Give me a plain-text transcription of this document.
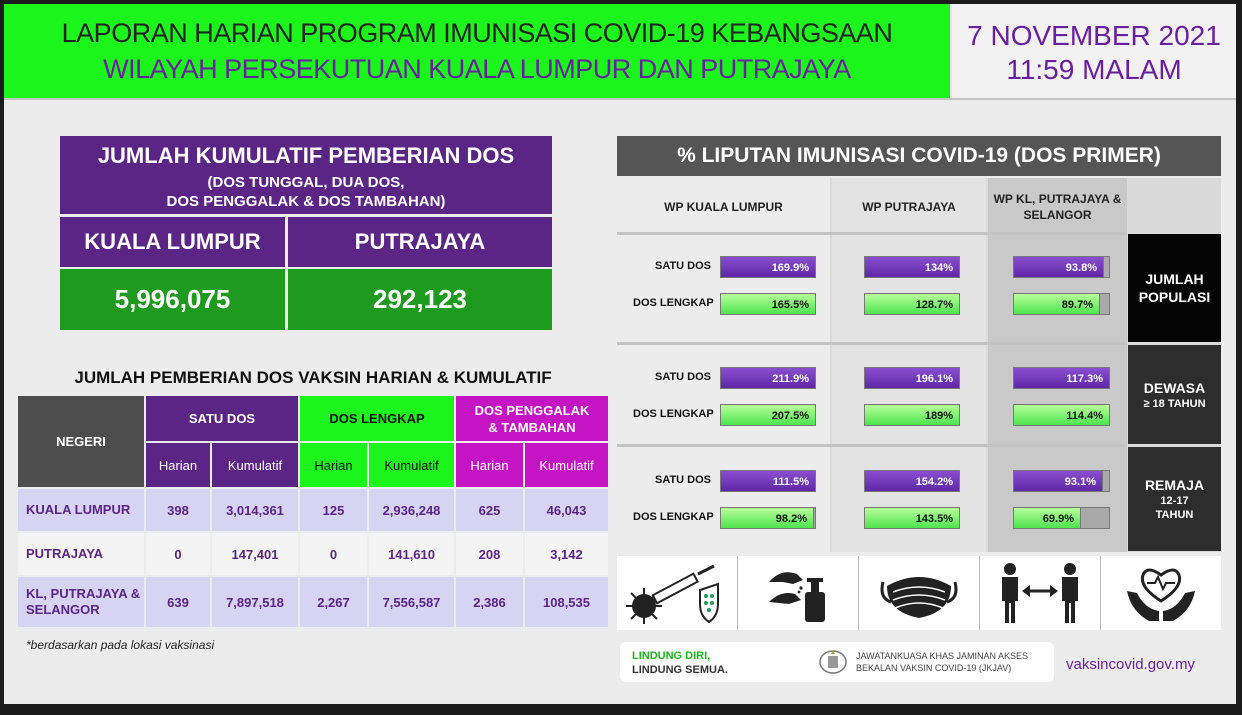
LAPORAN HARIAN PROGRAM IMUNISASI COVID-19 KEBANGSAAN
WILAYAH PERSEKUTUAN KUALA LUMPUR DAN PUTRAJAYA
7 NOVEMBER 2021
11:59 MALAM
JUMLAH KUMULATIF PEMBERIAN DOS
(DOS TUNGGAL, DUA DOS,
DOS PENGGALAK & DOS TAMBAHAN)
KUALA LUMPUR	PUTRAJAYA
5,996,075	292,123
JUMLAH PEMBERIAN DOS VAKSIN HARIAN & KUMULATIF
NEGERI
SATU DOS	DOS LENGKAP
DOS PENGGALAK & TAMBAHAN
Harian	Kumulatif	Harian	Kumulatif	Harian	Kumulatif
KUALA LUMPUR	398	3,014,361	125	2,936,248	625	46,043
PUTRAJAYA	0	147,401	0	141,610	208	3,142
KL, PUTRAJAYA & SELANGOR	639	7,897,518	2,267	7,556,587	2,386	108,535
*berdasarkan pada lokasi vaksinasi
% LIPUTAN IMUNISASI COVID-19 (DOS PRIMER)
WP KUALA LUMPUR	WP PUTRAJAYA
WP KL, PUTRAJAYA & SELANGOR
JUMLAH POPULASI
DEWASA
≥ 18 TAHUN
REMAJA
12-17 TAHUN
SATU DOS	169.9%	134%	93.8%
DOS LENGKAP	165.5%	128.7%	89.7%
SATU DOS	211.9%	196.1%	117.3%
DOS LENGKAP	207.5%	189%	114.4%
SATU DOS	111.5%	154.2%	93.1%
DOS LENGKAP	98.2%	143.5%	69.9%
LINDUNG DIRI,
LINDUNG SEMUA.
JAWATANKUASA KHAS JAMINAN AKSES
BEKALAN VAKSIN COVID-19 (JKJAV)	vaksincovid.gov.my
